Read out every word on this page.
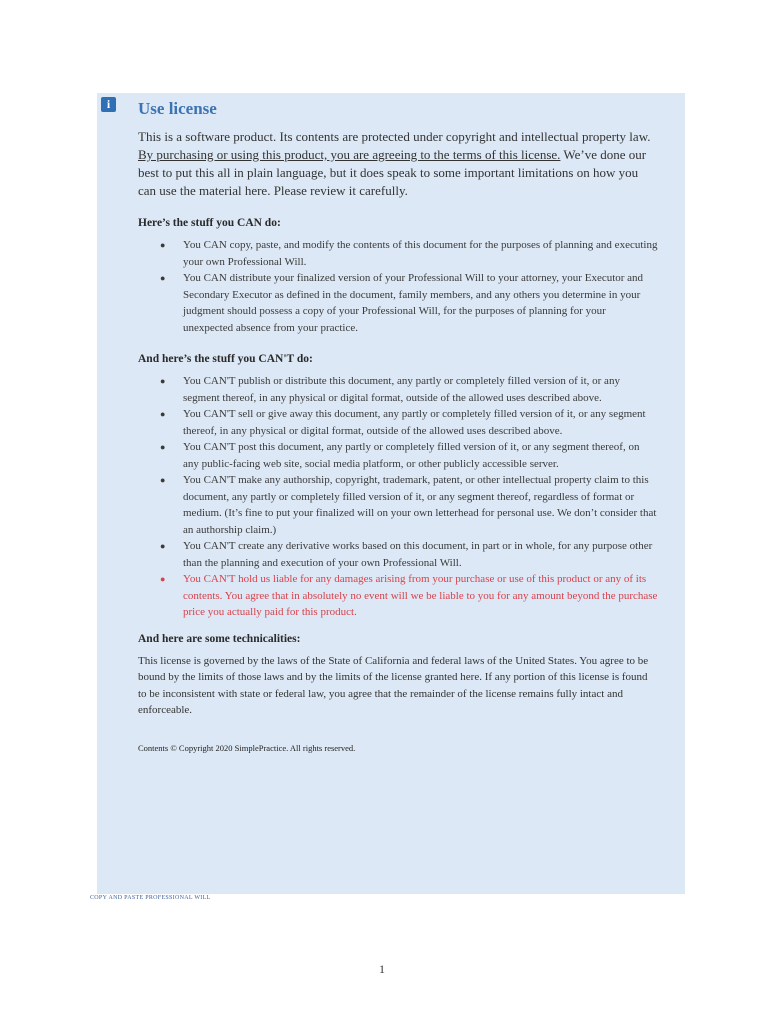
i	Use license

This is a software product. Its contents are protected under copyright and intellectual property law. By purchasing or using this product, you are agreeing to the terms of this license. We’ve done our best to put this all in plain language, but it does speak to some important limitations on how you can use the material here. Please review it carefully.

Here’s the stuff you CAN do:
● You CAN copy, paste, and modify the contents of this document for the purposes of planning and executing your own Professional Will.
● You CAN distribute your finalized version of your Professional Will to your attorney, your Executor and Secondary Executor as defined in the document, family members, and any others you determine in your judgment should possess a copy of your Professional Will, for the purposes of planning for your unexpected absence from your practice.
And here’s the stuff you CAN'T do:
● You CAN'T publish or distribute this document, any partly or completely filled version of it, or any segment thereof, in any physical or digital format, outside of the allowed uses described above.
● You CAN'T sell or give away this document, any partly or completely filled version of it, or any segment thereof, in any physical or digital format, outside of the allowed uses described above.
● You CAN'T post this document, any partly or completely filled version of it, or any segment thereof, on any public-facing web site, social media platform, or other publicly accessible server.
● You CAN'T make any authorship, copyright, trademark, patent, or other intellectual property claim to this document, any partly or completely filled version of it, or any segment thereof, regardless of format or medium. (It’s fine to put your finalized will on your own letterhead for personal use. We don’t consider that an authorship claim.)
● You CAN'T create any derivative works based on this document, in part or in whole, for any purpose other than the planning and execution of your own Professional Will.
● You CAN'T hold us liable for any damages arising from your purchase or use of this product or any of its contents. You agree that in absolutely no event will we be liable to you for any amount beyond the purchase price you actually paid for this product.
And here are some technicalities:

This license is governed by the laws of the State of California and federal laws of the United States. You agree to be bound by the limits of those laws and by the limits of the license granted here. If any portion of this license is found to be inconsistent with state or federal law, you agree that the remainder of the license remains fully intact and enforceable.

Contents © Copyright 2020 SimplePractice. All rights reserved.

COPY AND PASTE PROFESSIONAL WILL
1
